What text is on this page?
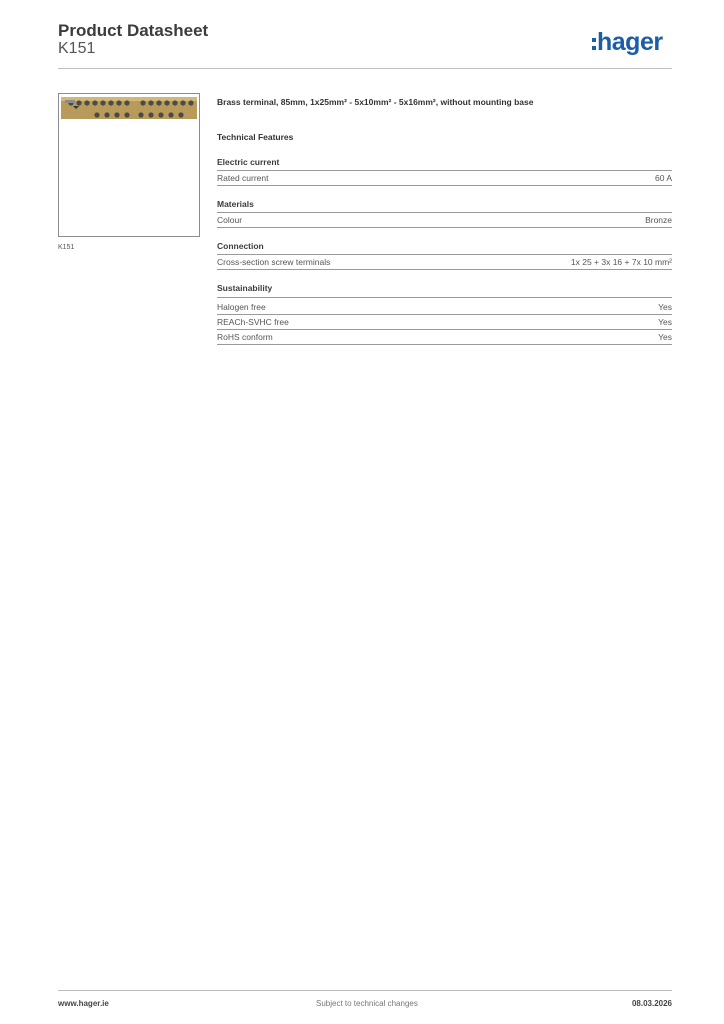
Product Datasheet
K151	hager
K151

Brass terminal, 85mm, 1x25mm² - 5x10mm² - 5x16mm², without mounting base

Technical Features

Electric current
Rated current	60 A
Materials
Colour	Bronze
Connection
Cross-section screw terminals	1x 25 + 3x 16 + 7x 10 mm²
Sustainability
Halogen free	Yes
REACh-SVHC free	Yes
RoHS conform	Yes
www.hager.ie	Subject to technical changes	08.03.2026
